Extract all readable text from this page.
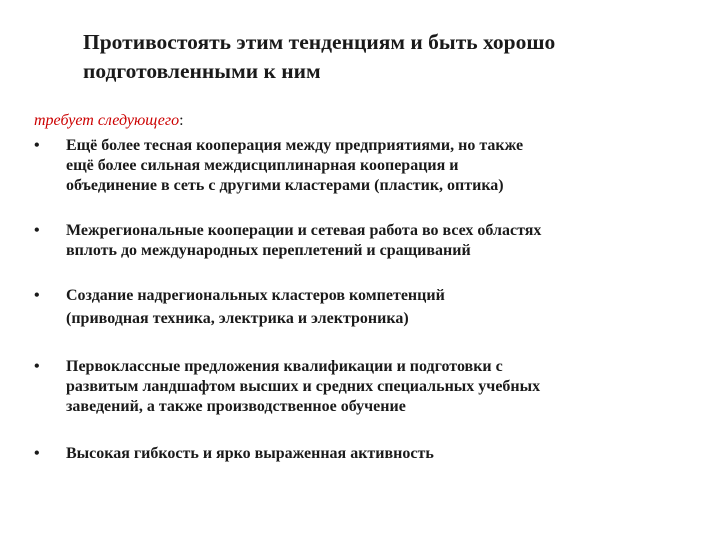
Противостоять этим тенденциям и быть хорошо
подготовленными к ним
требует следующего:
•	Ещё более тесная кооперация между предприятиями, но также
ещё более сильная междисциплинарная кооперация и
объединение в сеть с другими кластерами (пластик, оптика)
•	Межрегиональные кооперации и сетевая работа во всех областях
вплоть до международных переплетений и сращиваний
•	Создание надрегиональных кластеров компетенций
(приводная техника, электрика и электроника)
•	Первоклассные предложения квалификации и подготовки с
развитым ландшафтом высших и средних специальных учебных
заведений, а также производственное обучение
•	Высокая гибкость и ярко выраженная активность
